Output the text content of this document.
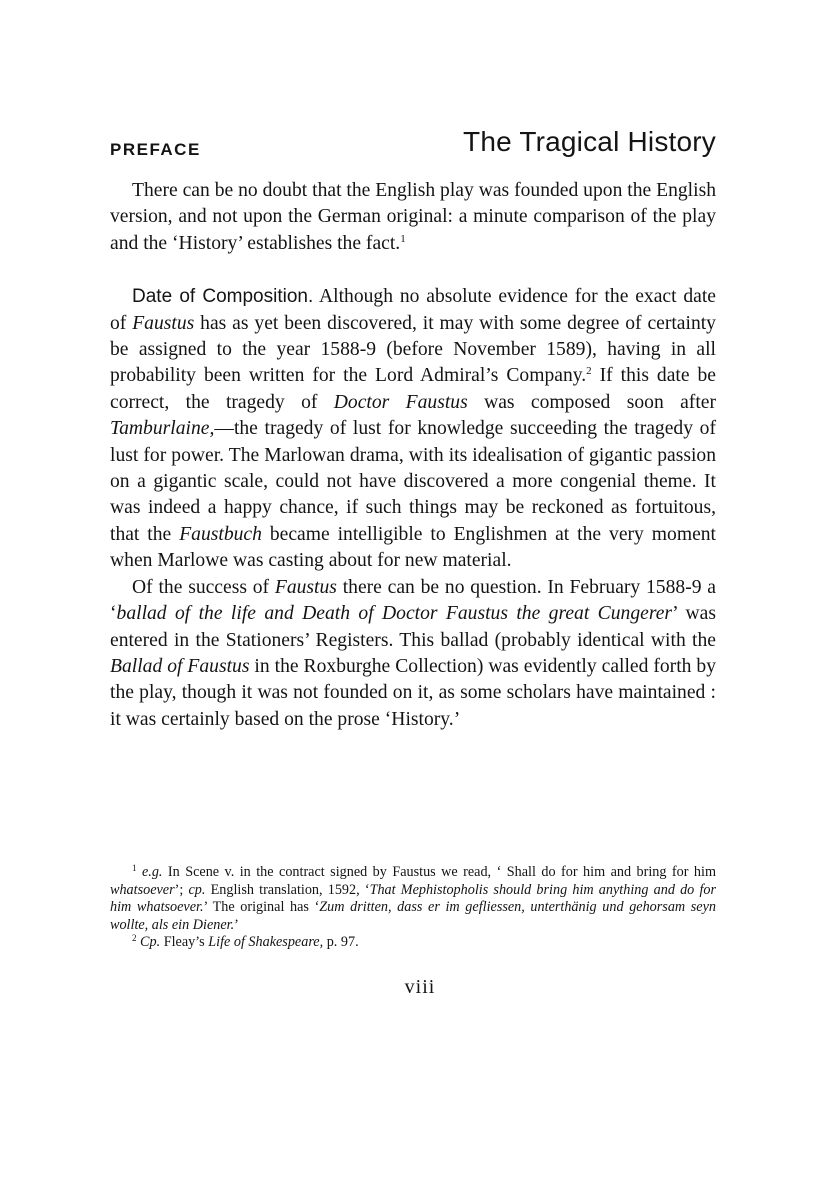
PREFACE	The Tragical History

There can be no doubt that the English play was founded upon the English version, and not upon the German original: a minute comparison of the play and the ‘History’ establishes the fact.$^1$

Date of Composition. Although no absolute evidence for the exact date of Faustus has as yet been discovered, it may with some degree of certainty be assigned to the year 1588-9 (before November 1589), having in all probability been written for the Lord Admiral’s Company.$^2$ If this date be correct, the tragedy of Doctor Faustus was composed soon after Tamburlaine,—the tragedy of lust for knowledge succeeding the tragedy of lust for power. The Marlowan drama, with its idealisation of gigantic passion on a gigantic scale, could not have discovered a more congenial theme. It was indeed a happy chance, if such things may be reckoned as fortuitous, that the Faustbuch became intelligible to Englishmen at the very moment when Marlowe was casting about for new material.

Of the success of Faustus there can be no question. In February 1588-9 a ‘ballad of the life and Death of Doctor Faustus the great Cungerer’ was entered in the Stationers’ Registers. This ballad (probably identical with the Ballad of Faustus in the Roxburghe Collection) was evidently called forth by the play, though it was not founded on it, as some scholars have maintained : it was certainly based on the prose ‘History.’

$^1$ e.g. In Scene v. in the contract signed by Faustus we read, ‘ Shall do for him and bring for him whatsoever’; cp. English translation, 1592, ‘That Mephistopholis should bring him anything and do for him whatsoever.’ The original has ‘Zum dritten, dass er im gefliessen, unterthänig und gehorsam seyn wollte, als ein Diener.’

$^2$ Cp. Fleay’s Life of Shakespeare, p. 97.

viii
